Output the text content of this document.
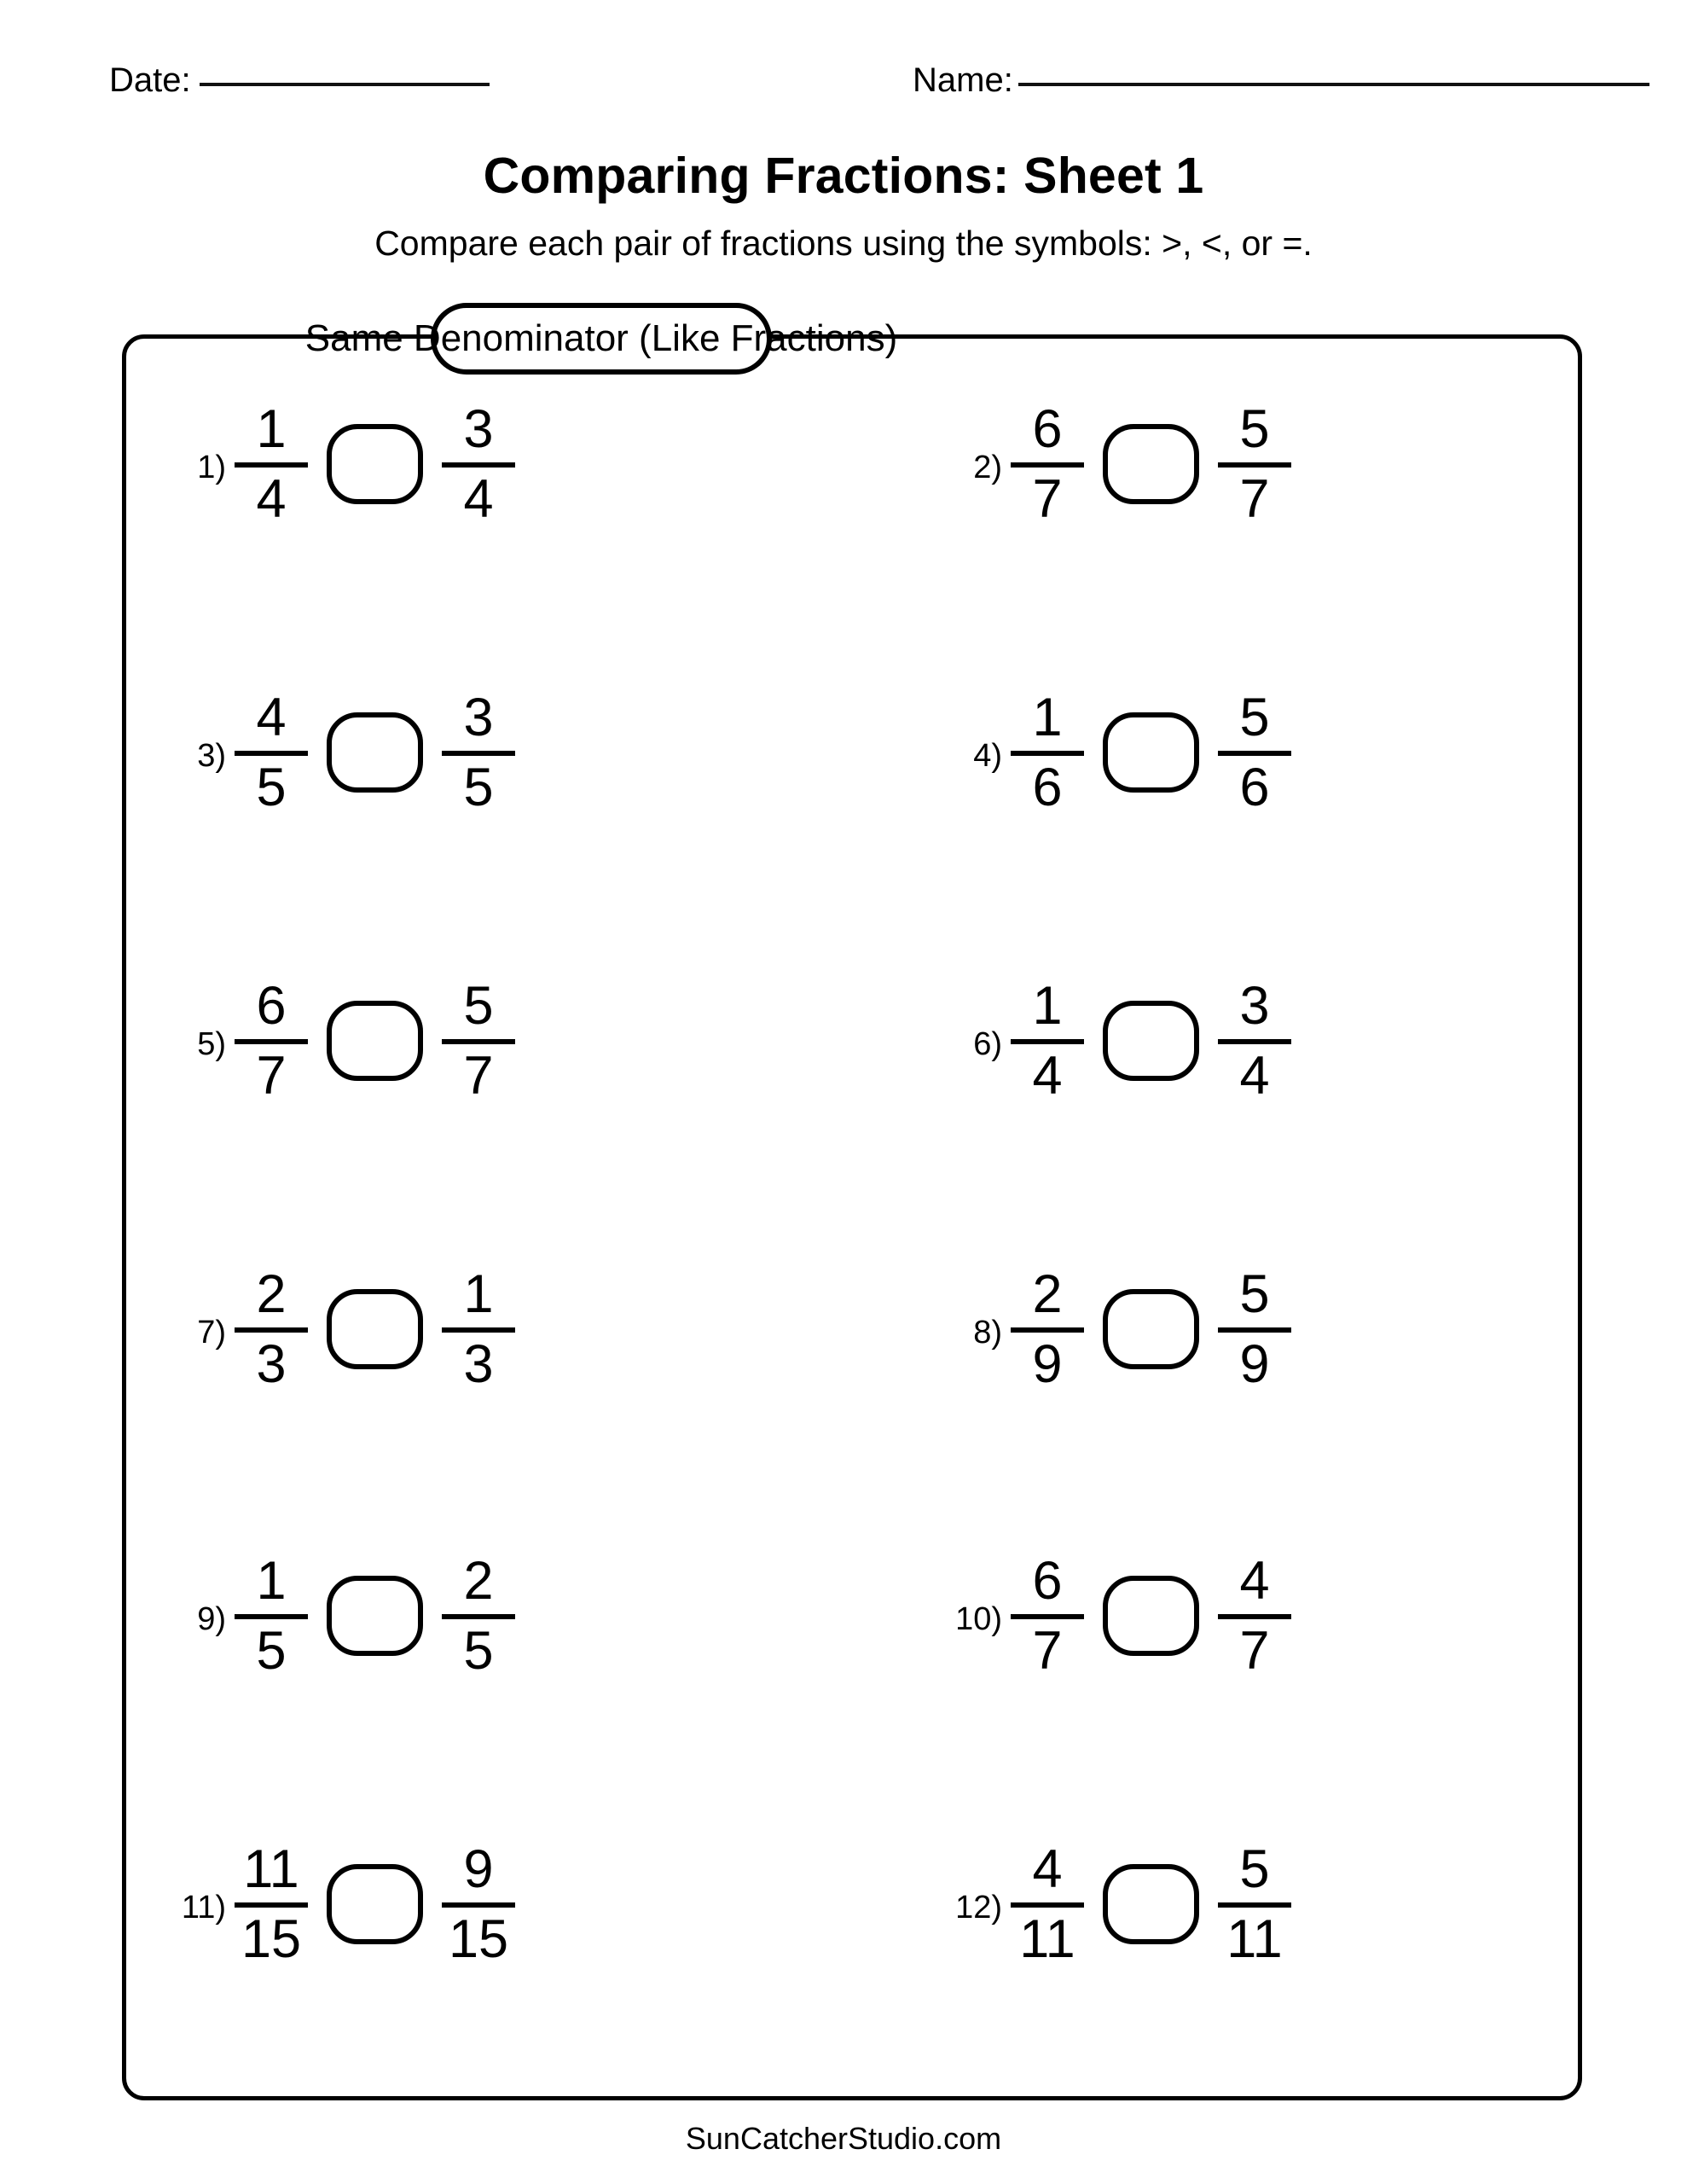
Date:	Name:
Comparing Fractions: Sheet 1
Compare each pair of fractions using the symbols: >, <, or =.
Same Denominator (Like Fractions)
1)
1
4
3
4
2)
6
7
5
7
3)
4
5
3
5
4)
1
6
5
6
5)
6
7
5
7
6)
1
4
3
4
7)
2
3
1
3
8)
2
9
5
9
9)
1
5
2
5
10)
6
7
4
7
11)
11
15
9
15
12)
4
11
5
11
SunCatcherStudio.com
